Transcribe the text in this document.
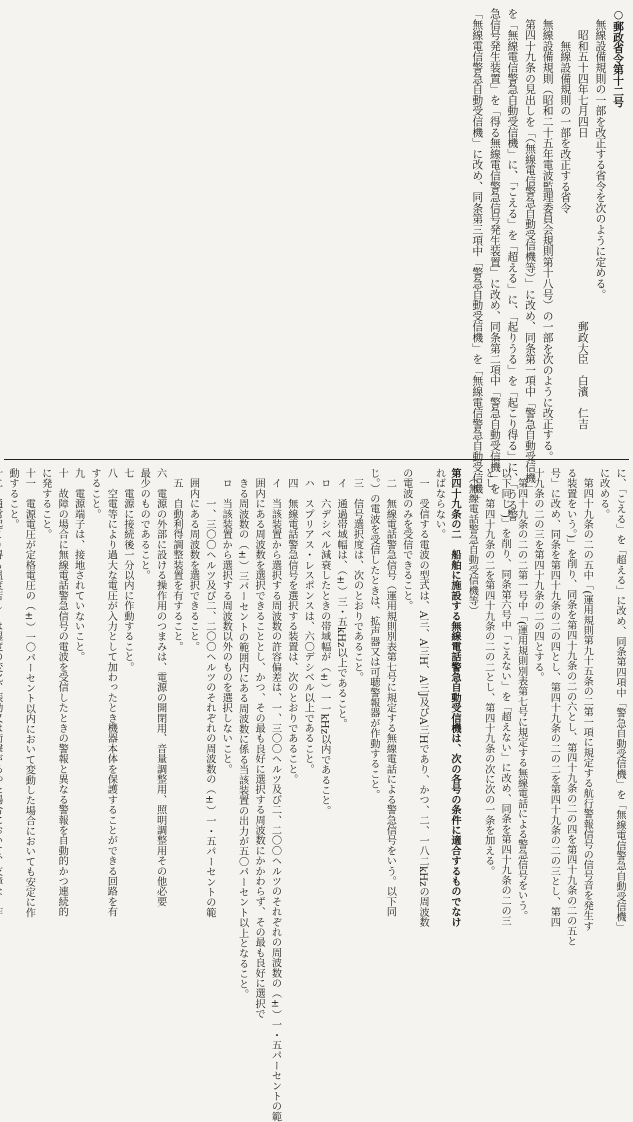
○郵政省令第十二号
　無線設備規則の一部を改正する省令を次のように定める。
　　昭和五十四年七月四日　　　　　　　　　　　　　　　　　郵政大臣　白濱　仁吉
　　　無線設備規則の一部を改正する省令
　無線設備規則（昭和二十五年電波監理委員会規則第十八号）の一部を次のように改正する。
　第四十九条の見出しを「（無線電信警急自動受信機等）」に改め、同条第一項中「警急自動受信機」
を「無線電信警急自動受信機」に、「こえる」を「超える」に、「起りうる」を「起こり得る」に、「うる警
急信号発生装置」を「得る無線電信警急信号発生装置」に改め、同条第二項中「警急自動受信機」を
「無線電信警急自動受信機」に改め、同条第三項中「警急自動受信機」を「無線電信警急自動受信機」
に、「こえる」を「超える」に改め、同条第四項中「警急自動受信機」を「無線電信警急自動受信機」
に改める。
　第四十九条の二の五中「(運用規則第九十五条の二第一項に規定する航行警報信号の信号音を発生す
る装置をいう。)」を削り、同条を第四十九条の二の六とし、第四十九条の二の四を第四十九条の二の五と
号」に改め、同条を第四十九条の二の四とし、第四十九条の二の二を第四十九条の二の三とし、第四
十九条の二の三を第四十九条の二の四とする。
　第四十九条の二の二第一号中「(運用規則別表第七号に規定する無線電話による警急信号をいう。
以下同じ。)」を削り、同条第六号中「こえない」を「超えない」に改め、同条を第四十九条の二の三
とし、第四十九条の二を第四十九条の二の二とし、第四十九条の次に次の一条を加える。
　（無線電話警急自動受信機等）
第四十九条の二　船舶に施設する無線電話警急自動受信機は、次の各号の条件に適合するものでなけ
ればならない。
　一　受信する電波の型式は、A三、A三H、A三J及びA三Hであり、かつ、二、一八二kHzの周波数
の電波のみを受信できること。
　二　無線電話警急信号（運用規則別表第七号に規定する無線電話による警急信号をいう。以下同
じ。）の電波を受信したときは、拡声器又は可聴警報器が作動すること。
　三　信号選択度は、次のとおりであること。
　イ　通過帯域幅は、（±）三・五kHz以上であること。
　ロ　六デシベル減衰したときの帯域幅が（±）一一kHz以内であること。
　ハ　スプリアス・レスポンスは、六〇デシベル以上であること。
　四　無線電話警急信号を選択する装置は、次のとおりであること。
　イ　当該装置から選択する周波数の許容偏差は、一、三〇〇ヘルツ及び二、二〇〇ヘルツのそれぞれの周波数の（±）一・五パーセントの範
　囲内にある周波数を選択できることとし、かつ、その最も良好に選択する周波数にかかわらず、その最も良好に選択で
　きる周波数の（±）三パーセントの範囲内にある周波数に係る当該装置の出力が五〇パーセント以上となること。
　ロ　当該装置から選択する周波数以外のものを選択しないこと。
　　　一、三〇〇ヘルツ及び二、二〇〇ヘルツのそれぞれの周波数の（±）一・五パーセントの範
　囲内にある周波数を選択できること。
　五　自動利得調整装置を有すること。
六　電源の外部に設ける操作用のつまみは、電源の開閉用、音量調整用、照明調整用その他必要
最少のものであること。
七　電源に接続後一分以内に作動すること。
八　空電等により過大な電圧が入力として加わったとき機器本体を保護することができる回路を有
すること。
九　電源端子は、接地されていないこと。
十　故障の場合に無線電話警急信号の電波を受信したときの警報と異なる警報を自動的かつ連続的
に発すること。
十一　電源電圧が定格電圧の（±）一〇パーセント以内において変動した場合においても安定に作
動すること。
